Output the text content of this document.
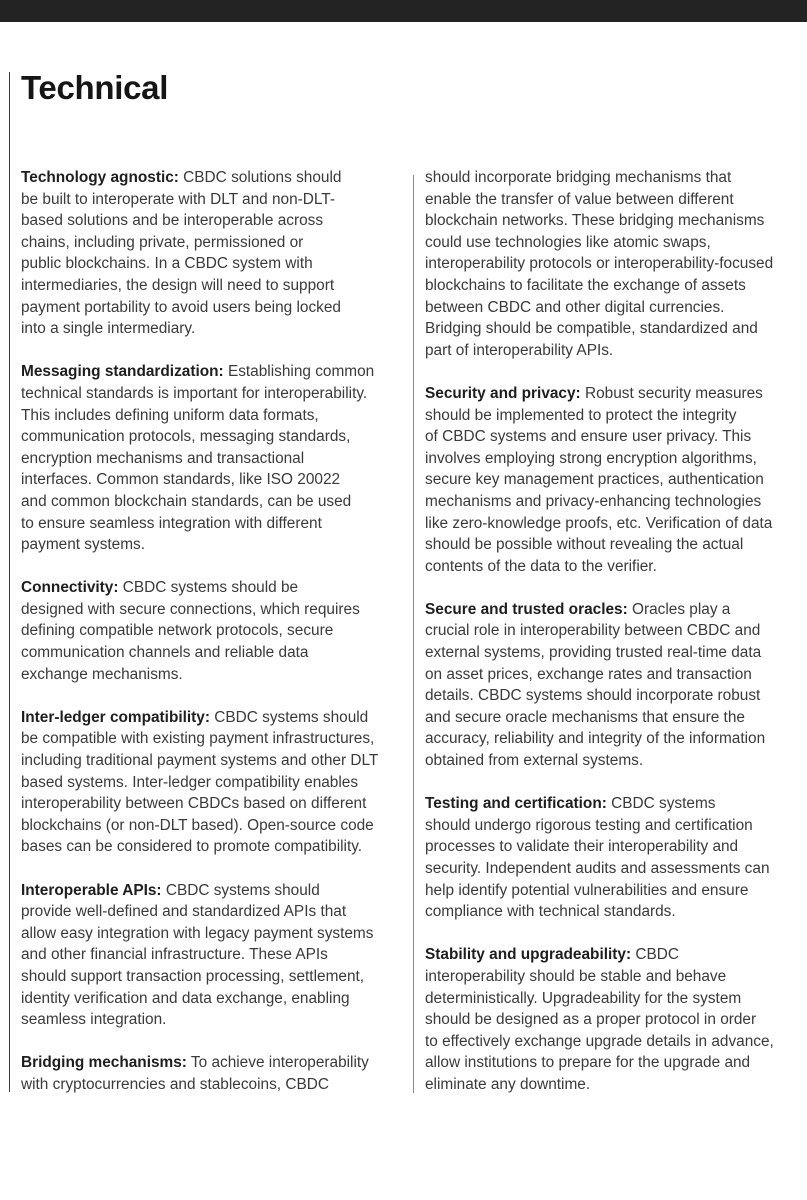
Technical

Technology agnostic: CBDC solutions should
be built to interoperate with DLT and non-DLT-
based solutions and be interoperable across
chains, including private, permissioned or
public blockchains. In a CBDC system with
intermediaries, the design will need to support
payment portability to avoid users being locked
into a single intermediary.

Messaging standardization: Establishing common
technical standards is important for interoperability.
This includes defining uniform data formats,
communication protocols, messaging standards,
encryption mechanisms and transactional
interfaces. Common standards, like ISO 20022
and common blockchain standards, can be used
to ensure seamless integration with different
payment systems.

Connectivity: CBDC systems should be
designed with secure connections, which requires
defining compatible network protocols, secure
communication channels and reliable data
exchange mechanisms.

Inter-ledger compatibility: CBDC systems should
be compatible with existing payment infrastructures,
including traditional payment systems and other DLT
based systems. Inter-ledger compatibility enables
interoperability between CBDCs based on different
blockchains (or non-DLT based). Open-source code
bases can be considered to promote compatibility.

Interoperable APIs: CBDC systems should
provide well-defined and standardized APIs that
allow easy integration with legacy payment systems
and other financial infrastructure. These APIs
should support transaction processing, settlement,
identity verification and data exchange, enabling
seamless integration.

Bridging mechanisms: To achieve interoperability
with cryptocurrencies and stablecoins, CBDC

should incorporate bridging mechanisms that
enable the transfer of value between different
blockchain networks. These bridging mechanisms
could use technologies like atomic swaps,
interoperability protocols or interoperability-focused
blockchains to facilitate the exchange of assets
between CBDC and other digital currencies.
Bridging should be compatible, standardized and
part of interoperability APIs.

Security and privacy: Robust security measures
should be implemented to protect the integrity
of CBDC systems and ensure user privacy. This
involves employing strong encryption algorithms,
secure key management practices, authentication
mechanisms and privacy-enhancing technologies
like zero-knowledge proofs, etc. Verification of data
should be possible without revealing the actual
contents of the data to the verifier.

Secure and trusted oracles: Oracles play a
crucial role in interoperability between CBDC and
external systems, providing trusted real-time data
on asset prices, exchange rates and transaction
details. CBDC systems should incorporate robust
and secure oracle mechanisms that ensure the
accuracy, reliability and integrity of the information
obtained from external systems.

Testing and certification: CBDC systems
should undergo rigorous testing and certification
processes to validate their interoperability and
security. Independent audits and assessments can
help identify potential vulnerabilities and ensure
compliance with technical standards.

Stability and upgradeability: CBDC
interoperability should be stable and behave
deterministically. Upgradeability for the system
should be designed as a proper protocol in order
to effectively exchange upgrade details in advance,
allow institutions to prepare for the upgrade and
eliminate any downtime.
